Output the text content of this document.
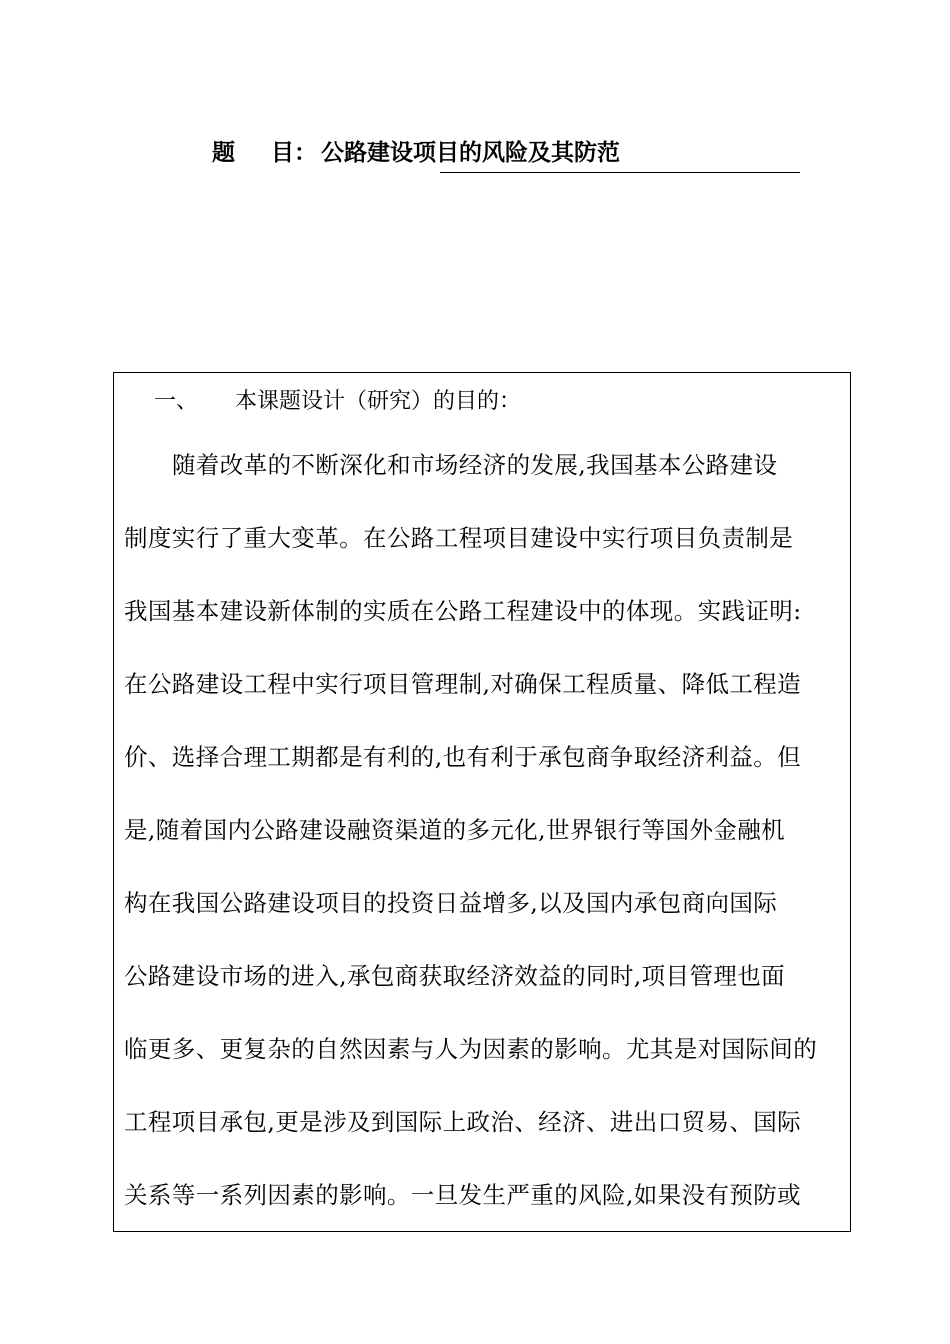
题 目： 公路建设项目的风险及其防范
一、 本课题设计（研究）的目的：
随着改革的不断深化和市场经济的发展,我国基本公路建设
制度实行了重大变革。在公路工程项目建设中实行项目负责制是
我国基本建设新体制的实质在公路工程建设中的体现。实践证明:
在公路建设工程中实行项目管理制,对确保工程质量、降低工程造
价、选择合理工期都是有利的,也有利于承包商争取经济利益。但
是,随着国内公路建设融资渠道的多元化,世界银行等国外金融机
构在我国公路建设项目的投资日益增多,以及国内承包商向国际
公路建设市场的进入,承包商获取经济效益的同时,项目管理也面
临更多、更复杂的自然因素与人为因素的影响。尤其是对国际间的
工程项目承包,更是涉及到国际上政治、经济、进出口贸易、国际
关系等一系列因素的影响。一旦发生严重的风险,如果没有预防或
